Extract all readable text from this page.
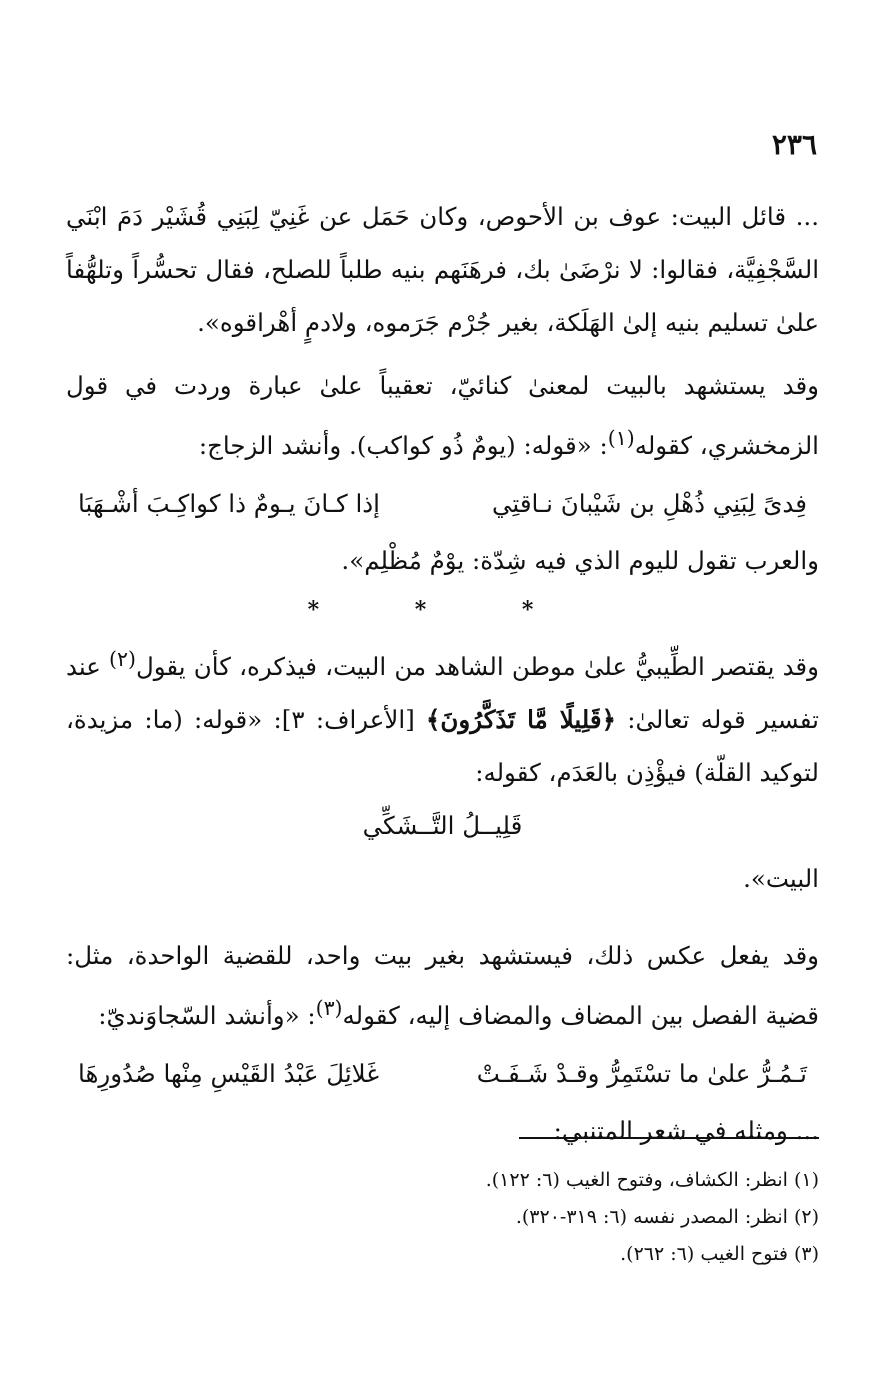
٢٣٦

... قائل البيت: عوف بن الأحوص، وكان حَمَل عن غَنِيّ لِبَنِي قُشَيْر دَمَ ابْنَي السَّجْفِيَّة، فقالوا: لا نرْضَىٰ بك، فرهَنَهم بنيه طلباً للصلح، فقال تحسُّراً وتلهُّفاً علىٰ تسليم بنيه إلىٰ الهَلَكة، بغير جُرْم جَرَموه، ولادمٍ أهْراقوه».

وقد يستشهد بالبيت لمعنىٰ كنائيّ، تعقيباً علىٰ عبارة وردت في قول الزمخشري، كقوله$^{(١)}$: «قوله: (يومٌ ذُو كواكب). وأنشد الزجاج:

فِدىً لِبَنِي ذُهْلِ بن شَيْبانَ نـاقتِي
إذا كـانَ يـومٌ ذا كواكِـبَ أشْـهَبَا

والعرب تقول لليوم الذي فيه شِدّة: يوْمٌ مُظْلِم».

* * *

وقد يقتصر الطِّيبيُّ علىٰ موطن الشاهد من البيت، فيذكره، كأن يقول$^{(٢)}$ عند تفسير قوله تعالىٰ: ﴿قَلِيلًا مَّا تَذَكَّرُونَ﴾ [الأعراف: ٣]: «قوله: (ما: مزيدة، لتوكيد القلّة) فيؤْذِن بالعَدَم، كقوله:

قَلِيــلُ التَّــشَكِّي

البيت».

وقد يفعل عكس ذلك، فيستشهد بغير بيت واحد، للقضية الواحدة، مثل: قضية الفصل بين المضاف والمضاف إليه، كقوله$^{(٣)}$: «وأنشد السّجاوَنديّ:

تَـمُـرُّ علىٰ ما تسْتَمِرُّ وقـدْ شَـفَـتْ
غَلائِلَ عَبْدُ القَيْسِ مِنْها صُدُورِهَا

... ومثله في شعر المتنبي:

(١) انظر: الكشاف، وفتوح الغيب (٦: ١٢٢).

(٢) انظر: المصدر نفسه (٦: ٣١٩-٣٢٠).

(٣) فتوح الغيب (٦: ٢٦٢).
